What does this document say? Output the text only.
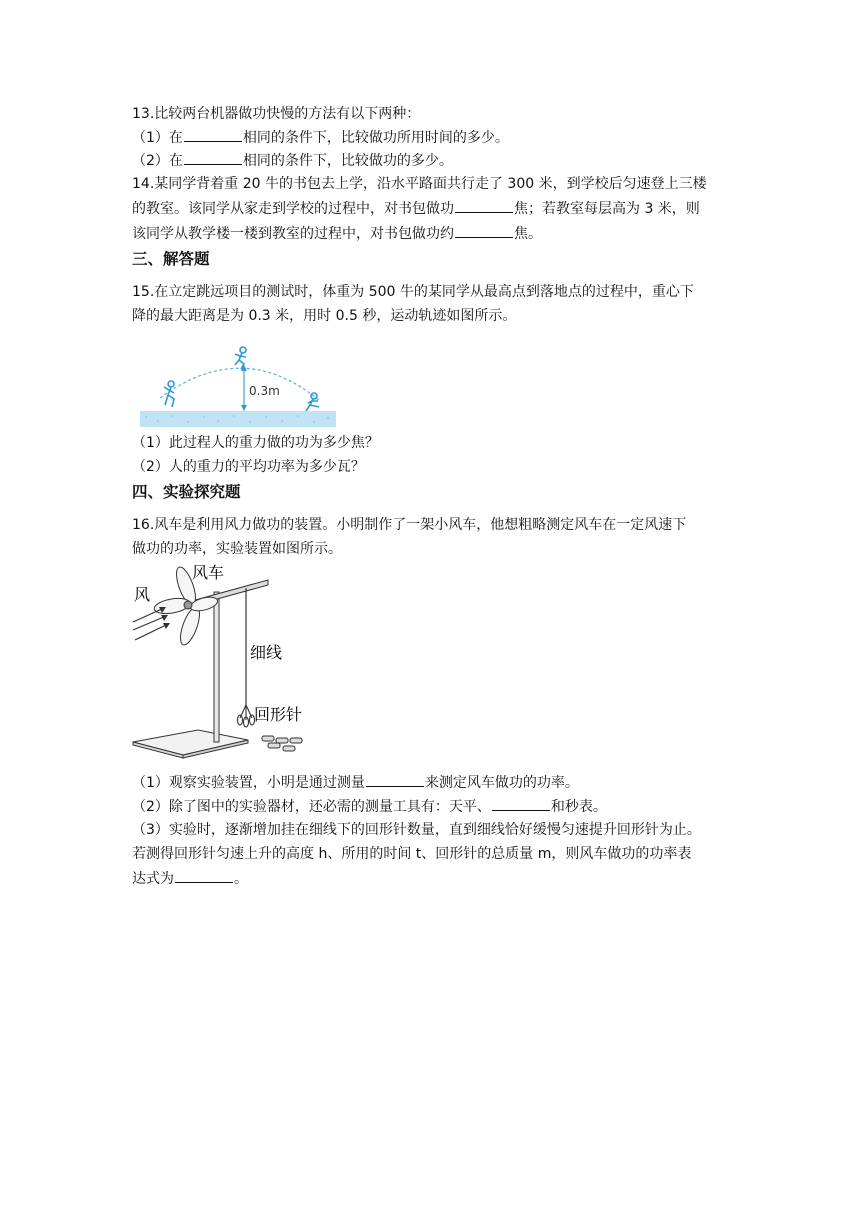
13.比较两台机器做功快慢的方法有以下两种：
（1）在	相同的条件下，比较做功所用时间的多少。
（2）在	相同的条件下，比较做功的多少。
14.某同学背着重 20 牛的书包去上学，沿水平路面共行走了 300 米，到学校后匀速登上三楼
的教室。该同学从家走到学校的过程中，对书包做功	焦；若教室每层高为 3 米，则
该同学从教学楼一楼到教室的过程中，对书包做功约	焦。
三、解答题
15.在立定跳远项目的测试时，体重为 500 牛的某同学从最高点到落地点的过程中，重心下
降的最大距离是为 0.3 米，用时 0.5 秒，运动轨迹如图所示。
0.3m
（1）此过程人的重力做的功为多少焦？
（2）人的重力的平均功率为多少瓦？
四、实验探究题
16.风车是利用风力做功的装置。小明制作了一架小风车，他想粗略测定风车在一定风速下
做功的功率，实验装置如图所示。
风
风车
细线
回形针
（1）观察实验装置，小明是通过测量	来测定风车做功的功率。
（2）除了图中的实验器材，还必需的测量工具有：天平、	和秒表。
（3）实验时，逐渐增加挂在细线下的回形针数量，直到细线恰好缓慢匀速提升回形针为止。
若测得回形针匀速上升的高度 h、所用的时间 t、回形针的总质量 m，则风车做功的功率表
达式为	。
